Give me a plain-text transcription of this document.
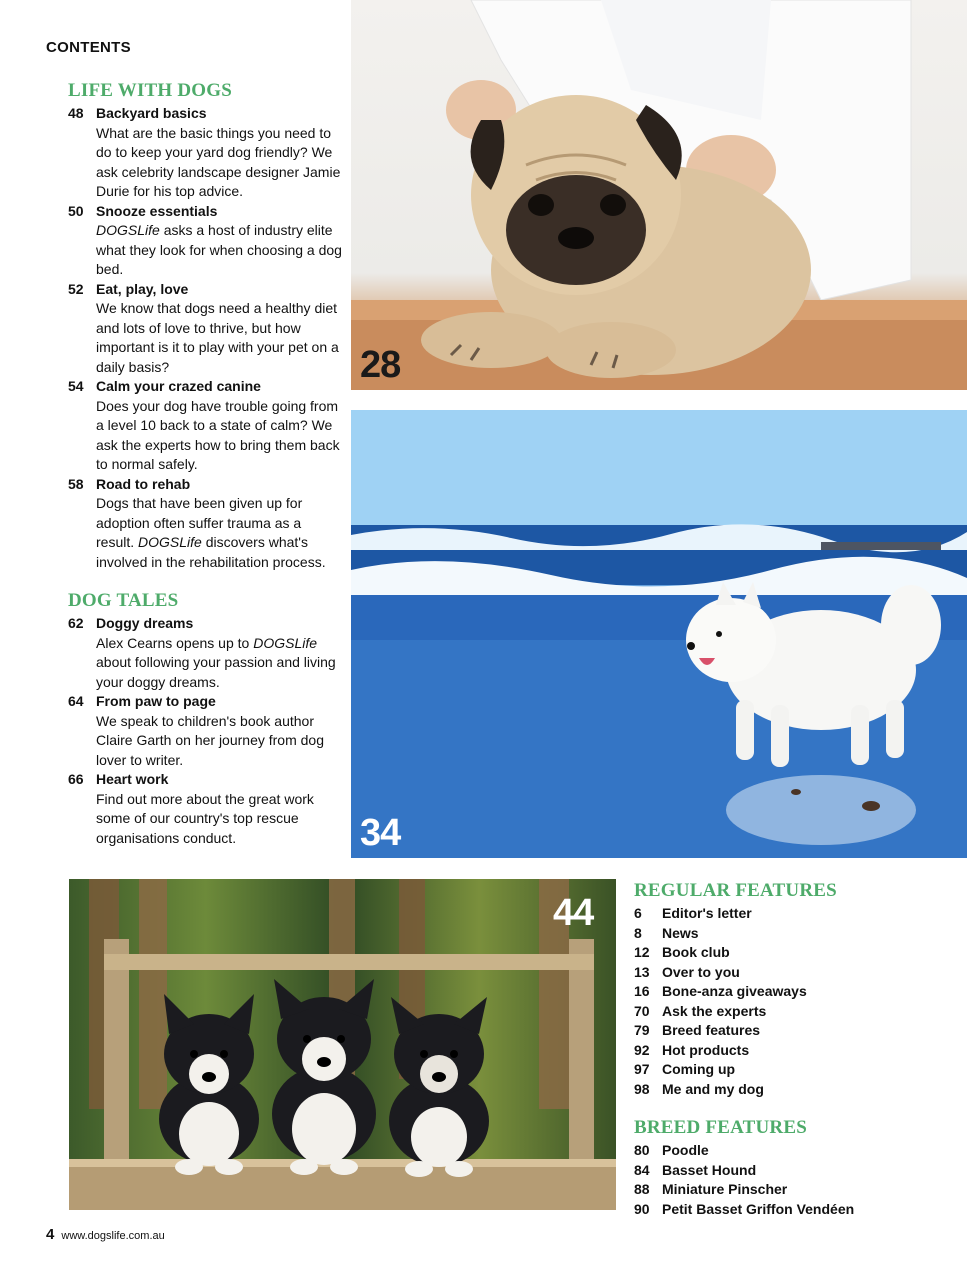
CONTENTS
LIFE WITH DOGS
48 Backyard basics
What are the basic things you need to do to keep your yard dog friendly? We ask celebrity landscape designer Jamie Durie for his top advice.
50 Snooze essentials
DOGSLife asks a host of industry elite what they look for when choosing a dog bed.
52 Eat, play, love
We know that dogs need a healthy diet and lots of love to thrive, but how important is it to play with your pet on a daily basis?
54 Calm your crazed canine
Does your dog have trouble going from a level 10 back to a state of calm? We ask the experts how to bring them back to normal safely.
58 Road to rehab
Dogs that have been given up for adoption often suffer trauma as a result. DOGSLife discovers what's involved in the rehabilitation process.
DOG TALES
62 Doggy dreams
Alex Cearns opens up to DOGSLife about following your passion and living your doggy dreams.
64 From paw to page
We speak to children's book author Claire Garth on her journey from dog lover to writer.
66 Heart work
Find out more about the great work some of our country's top rescue organisations conduct.
28
34
44
REGULAR FEATURES
6	Editor's letter
8	News
12 Book club
13 Over to you
16 Bone-anza giveaways
70 Ask the experts
79 Breed features
92 Hot products
97 Coming up
98 Me and my dog
BREED FEATURES
80 Poodle
84 Basset Hound
88 Miniature Pinscher
90 Petit Basset Griffon Vendéen
4 www.dogslife.com.au
